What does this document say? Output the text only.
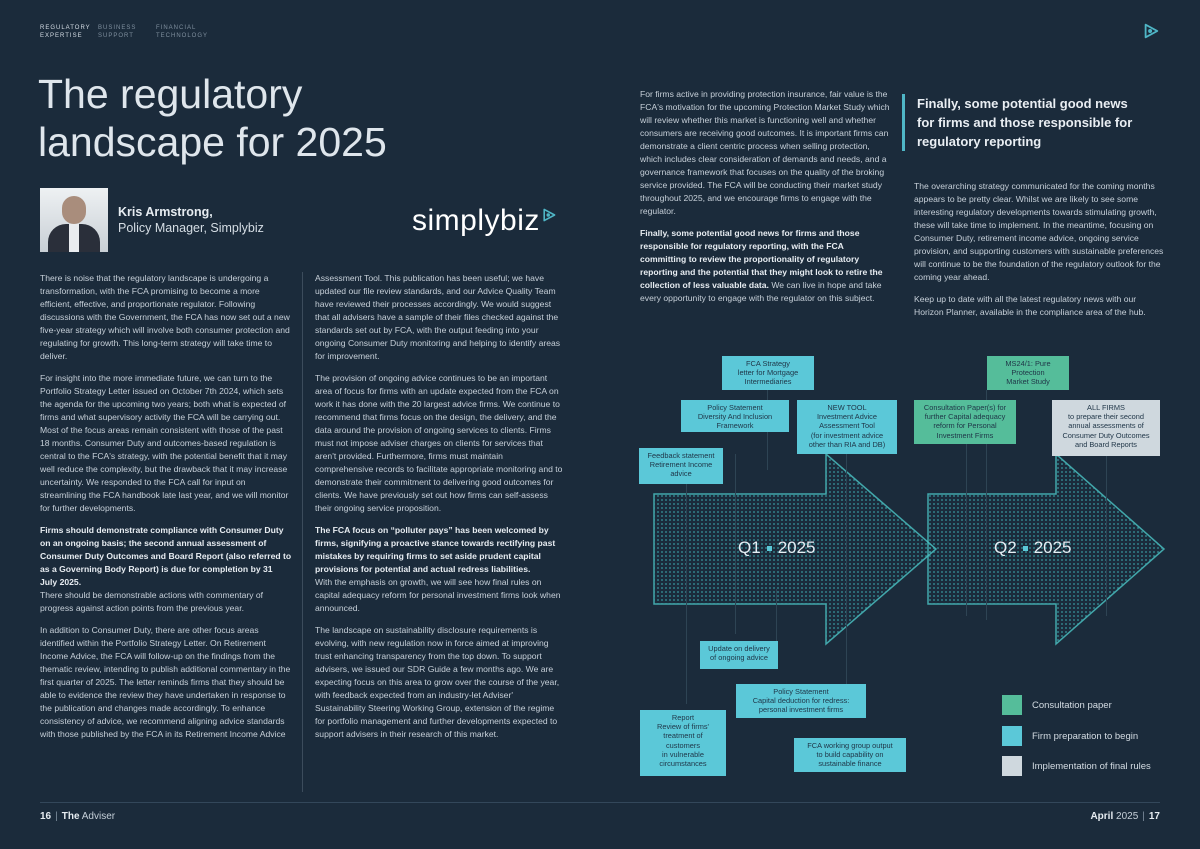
REGULATORY
EXPERTISE
BUSINESS
SUPPORT
FINANCIAL
TECHNOLOGY
The regulatory
landscape for 2025
Kris Armstrong,
Policy Manager, Simplybiz	simplybiz

There is noise that the regulatory landscape is undergoing a transformation, with the FCA promising to become a more efficient, effective, and proportionate regulator. Following discussions with the Government, the FCA has now set out a new five-year strategy which will involve both consumer protection and regulating for growth. This long-term strategy will take time to deliver.

For insight into the more immediate future, we can turn to the Portfolio Strategy Letter issued on October 7th 2024, which sets the agenda for the upcoming two years; both what is expected of firms and what supervisory activity the FCA will be carrying out. Most of the focus areas remain consistent with those of the past 18 months. Consumer Duty and outcomes-based regulation is central to the FCA's strategy, with the potential benefit that it may well reduce the complexity, but the drawback that it may increase uncertainty. We responded to the FCA call for input on streamlining the FCA handbook late last year, and we will monitor for further developments.

Firms should demonstrate compliance with Consumer Duty on an ongoing basis; the second annual assessment of Consumer Duty Outcomes and Board Report (also referred to as a Governing Body Report) is due for completion by 31 July 2025.

There should be demonstrable actions with commentary of progress against action points from the previous year.

In addition to Consumer Duty, there are other focus areas identified within the Portfolio Strategy Letter. On Retirement Income Advice, the FCA will follow-up on the findings from the thematic review, intending to publish additional commentary in the first quarter of 2025. The letter reminds firms that they should be able to evidence the review they have undertaken in response to the publication and changes made accordingly. To enhance consistency of advice, we recommend aligning advice standards with those published by the FCA in its Retirement Income Advice

Assessment Tool. This publication has been useful; we have updated our file review standards, and our Advice Quality Team have reviewed their processes accordingly. We would suggest that all advisers have a sample of their files checked against the standards set out by FCA, with the output feeding into your ongoing Consumer Duty monitoring and helping to identify areas for improvement.

The provision of ongoing advice continues to be an important area of focus for firms with an update expected from the FCA on work it has done with the 20 largest advice firms. We continue to recommend that firms focus on the design, the delivery, and the data around the provision of ongoing services to clients. Firms must not impose adviser charges on clients for services that aren't provided. Furthermore, firms must maintain comprehensive records to facilitate appropriate monitoring and to demonstrate their commitment to delivering good outcomes for clients. We have previously set out how firms can self-assess their ongoing service proposition.

The FCA focus on “polluter pays” has been welcomed by firms, signifying a proactive stance towards rectifying past mistakes by requiring firms to set aside prudent capital provisions for potential and actual redress liabilities.

With the emphasis on growth, we will see how final rules on capital adequacy reform for personal investment firms look when announced.

The landscape on sustainability disclosure requirements is evolving, with new regulation now in force aimed at improving trust enhancing transparency from the top down. To support advisers, we issued our SDR Guide a few months ago. We are expecting focus on this area to grow over the course of the year, with feedback expected from an industry-let Adviser' Sustainability Steering Working Group, extension of the regime for portfolio management and further developments expected to support advisers in their research of this market.

For firms active in providing protection insurance, fair value is the FCA's motivation for the upcoming Protection Market Study which will review whether this market is functioning well and whether consumers are receiving good outcomes. It is important firms can demonstrate a client centric process when selling protection, which includes clear consideration of demands and needs, and a governance framework that focuses on the quality of the broking service provided. The FCA will be conducting their market study throughout 2025, and we encourage firms to engage with the regulator.

Finally, some potential good news for firms and those responsible for regulatory reporting, with the FCA committing to review the proportionality of regulatory reporting and the potential that they might look to retire the collection of less valuable data. We can live in hope and take every opportunity to engage with the regulator on this subject.

Finally, some potential good news
for firms and those responsible for
regulatory reporting

The overarching strategy communicated for the coming months appears to be pretty clear. Whilst we are likely to see some interesting regulatory developments towards stimulating growth, these will take time to implement. In the meantime, focusing on Consumer Duty, retirement income advice, ongoing service provision, and supporting customers with sustainable preferences will continue to be the foundation of the regulatory outlook for the coming year ahead.

Keep up to date with all the latest regulatory news with our Horizon Planner, available in the compliance area of the hub.

Q1 2025	Q2 2025
FCA Strategy
letter for Mortgage
Intermediaries
Policy Statement
Diversity And Inclusion
Framework
NEW TOOL
Investment Advice
Assessment Tool
(for investment advice
other than RIA and DB)
Feedback statement
Retirement Income
advice
Update on delivery
of ongoing advice
Policy Statement
Capital deduction for redress:
personal investment firms
Report
Review of firms'
treatment of
customers
in vulnerable
circumstances
FCA working group output
to build capability on
sustainable finance
MS24/1: Pure
Protection
Market Study
Consultation Paper(s) for
further Capital adequacy
reform for Personal
Investment Firms
ALL FIRMS
to prepare their second
annual assessments of
Consumer Duty Outcomes
and Board Reports
Consultation paper
Firm preparation to begin
Implementation of final rules
16 | The Adviser	April 2025 | 17
